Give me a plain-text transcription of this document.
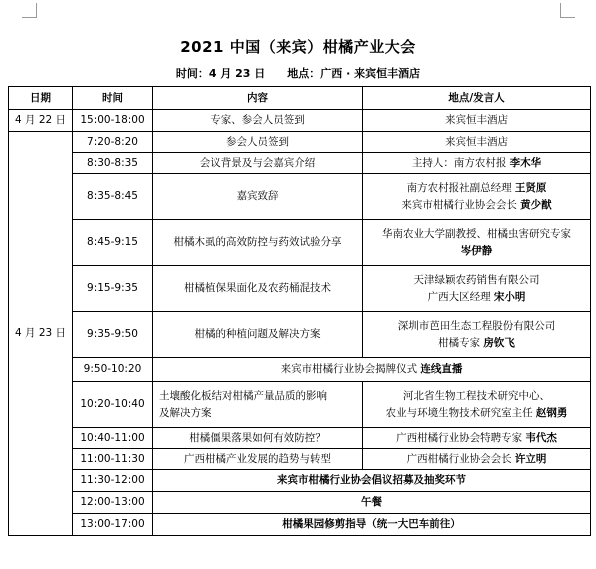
2021 中国（来宾）柑橘产业大会
时间：4 月 23 日 地点：广西 · 来宾恒丰酒店
日期	时间	内容	地点/发言人
4 月 22 日	15:00-18:00	专家、参会人员签到	来宾恒丰酒店
4 月 23 日	7:20-8:20	参会人员签到	来宾恒丰酒店
	8:30-8:35	会议背景及与会嘉宾介绍	主持人：南方农村报 李木华
	8:35-8:45	嘉宾致辞	南方农村报社副总经理 王贤原
来宾市柑橘行业协会会长 黄少猷

	8:45-9:15	柑橘木虱的高效防控与药效试验分享	华南农业大学副教授、柑橘虫害研究专家
岑伊静

	9:15-9:35	柑橘植保果面化及农药桶混技术	天津绿颖农药销售有限公司
广西大区经理 宋小明

	9:35-9:50	柑橘的种植问题及解决方案	深圳市芭田生态工程股份有限公司
柑橘专家 房钦飞

	9:50-10:20	来宾市柑橘行业协会揭牌仪式 连线直播	
	10:20-10:40	土壤酸化板结对柑橘产量品质的影响
及解决方案	河北省生物工程技术研究中心、
农业与环境生物技术研究室主任 赵钢勇

	10:40-11:00	柑橘僵果落果如何有效防控？	广西柑橘行业协会特聘专家 韦代杰
	11:00-11:30	广西柑橘产业发展的趋势与转型	广西柑橘行业协会会长 许立明
	11:30-12:00	来宾市柑橘行业协会倡议招募及抽奖环节	
	12:00-13:00	午餐	
	13:00-17:00	柑橘果园修剪指导（统一大巴车前往）	
